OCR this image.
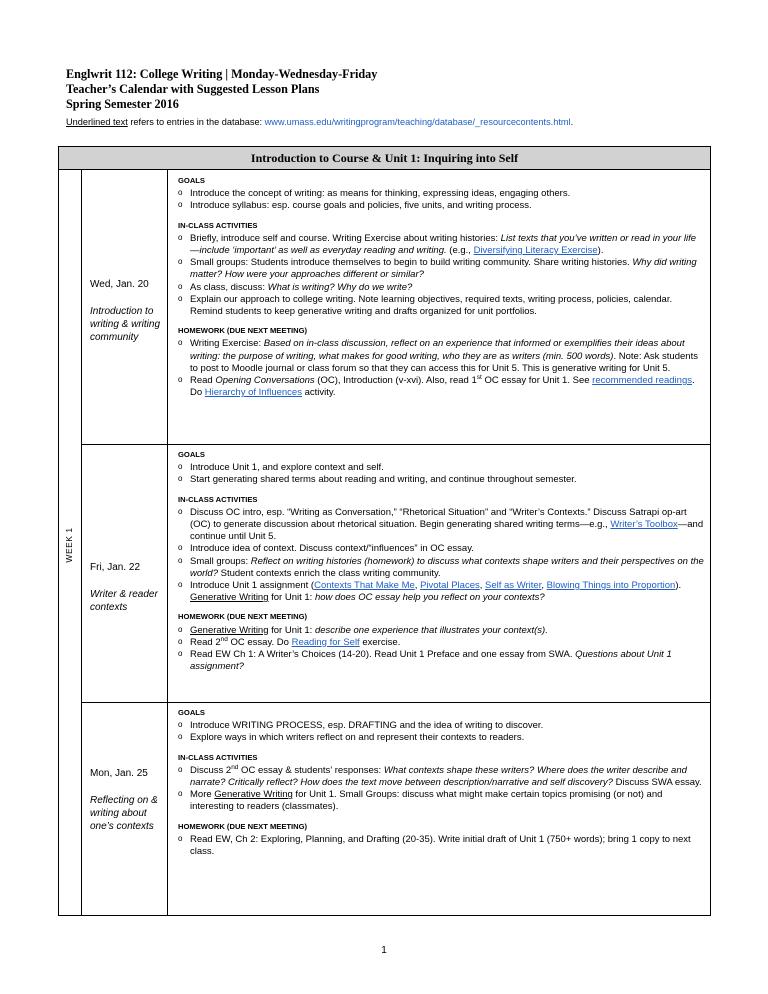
Englwrit 112: College Writing | Monday-Wednesday-Friday
Teacher’s Calendar with Suggested Lesson Plans
Spring Semester 2016
Underlined text refers to entries in the database: www.umass.edu/writingprogram/teaching/database/_resourcecontents.html.
Introduction to Course & Unit 1: Inquiring into Self
WEEK 1
Wed, Jan. 20
Introduction to writing & writing community
GOALS
o Introduce the concept of writing: as means for thinking, expressing ideas, engaging others.
o Introduce syllabus: esp. course goals and policies, five units, and writing process.
IN-CLASS ACTIVITIES
o Briefly, introduce self and course. Writing Exercise about writing histories: List texts that you’ve written or read in your life—include ‘important’ as well as everyday reading and writing. (e.g., Diversifying Literacy Exercise).
o Small groups: Students introduce themselves to begin to build writing community. Share writing histories. Why did writing matter? How were your approaches different or similar?
o As class, discuss: What is writing? Why do we write?
o Explain our approach to college writing. Note learning objectives, required texts, writing process, policies, calendar. Remind students to keep generative writing and drafts organized for unit portfolios.
HOMEWORK (DUE NEXT MEETING)
o Writing Exercise: Based on in-class discussion, reflect on an experience that informed or exemplifies their ideas about writing: the purpose of writing, what makes for good writing, who they are as writers (min. 500 words). Note: Ask students to post to Moodle journal or class forum so that they can access this for Unit 5. This is generative writing for Unit 5.
o Read Opening Conversations (OC), Introduction (v-xvi). Also, read 1st OC essay for Unit 1. See recommended readings. Do Hierarchy of Influences activity.
Fri, Jan. 22
Writer & reader contexts
GOALS
o Introduce Unit 1, and explore context and self.
o Start generating shared terms about reading and writing, and continue throughout semester.
IN-CLASS ACTIVITIES
o Discuss OC intro, esp. “Writing as Conversation,” “Rhetorical Situation” and “Writer’s Contexts.” Discuss Satrapi op-art (OC) to generate discussion about rhetorical situation. Begin generating shared writing terms—e.g., Writer’s Toolbox—and continue until Unit 5.
o Introduce idea of context. Discuss context/“influences” in OC essay.
o Small groups: Reflect on writing histories (homework) to discuss what contexts shape writers and their perspectives on the world? Student contexts enrich the class writing community.
o Introduce Unit 1 assignment (Contexts That Make Me, Pivotal Places, Self as Writer, Blowing Things into Proportion). Generative Writing for Unit 1: how does OC essay help you reflect on your contexts?
HOMEWORK (DUE NEXT MEETING)
o Generative Writing for Unit 1: describe one experience that illustrates your context(s).
o Read 2nd OC essay. Do Reading for Self exercise.
o Read EW Ch 1: A Writer’s Choices (14-20). Read Unit 1 Preface and one essay from SWA. Questions about Unit 1 assignment?
Mon, Jan. 25
Reflecting on & writing about one’s contexts
GOALS
o Introduce WRITING PROCESS, esp. DRAFTING and the idea of writing to discover.
o Explore ways in which writers reflect on and represent their contexts to readers.
IN-CLASS ACTIVITIES
o Discuss 2nd OC essay & students’ responses: What contexts shape these writers? Where does the writer describe and narrate? Critically reflect? How does the text move between description/narrative and self discovery? Discuss SWA essay.
o More Generative Writing for Unit 1. Small Groups: discuss what might make certain topics promising (or not) and interesting to readers (classmates).
HOMEWORK (DUE NEXT MEETING)
o Read EW, Ch 2: Exploring, Planning, and Drafting (20-35). Write initial draft of Unit 1 (750+ words); bring 1 copy to next class.
1
